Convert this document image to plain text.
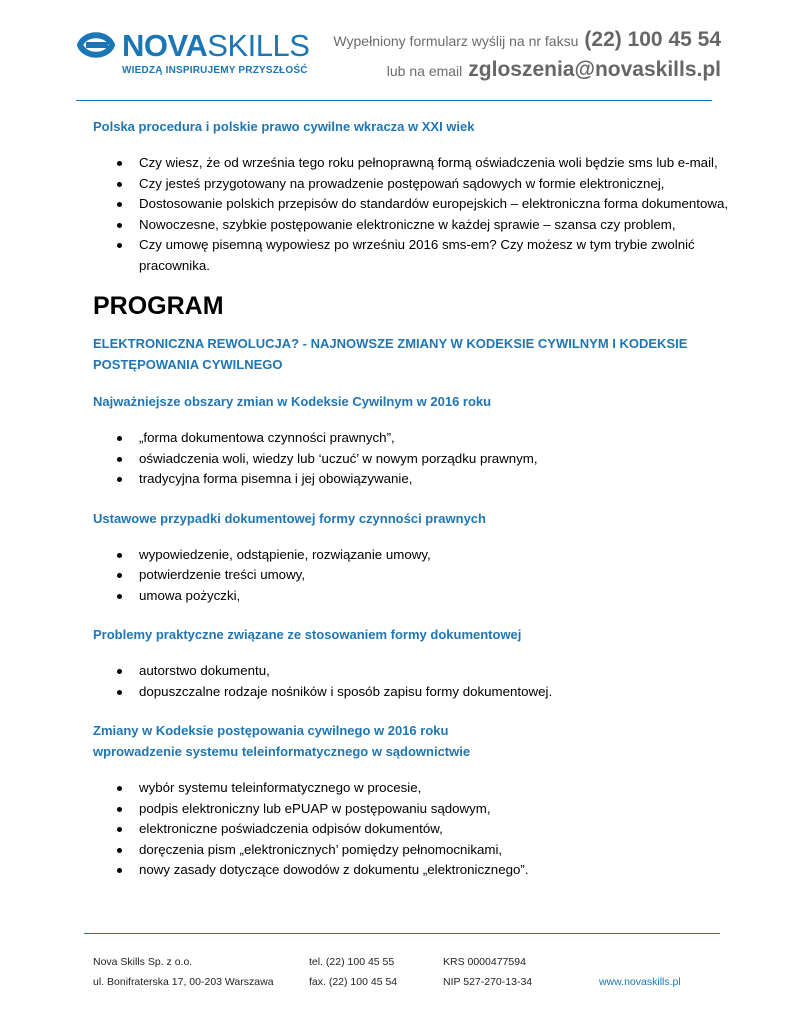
NOVASKILLS
WIEDZĄ INSPIRUJEMY PRZYSZŁOŚĆ
Wypełniony formularz wyślij na nr faksu (22) 100 45 54
lub na email zgloszenia@novaskills.pl
Polska procedura i polskie prawo cywilne wkracza w XXI wiek
Czy wiesz, że od września tego roku pełnoprawną formą oświadczenia woli będzie sms lub e-mail,
Czy jesteś przygotowany na prowadzenie postępowań sądowych w formie elektronicznej,
Dostosowanie polskich przepisów do standardów europejskich – elektroniczna forma dokumentowa,
Nowoczesne, szybkie postępowanie elektroniczne w każdej sprawie – szansa czy problem,
Czy umowę pisemną wypowiesz po wrześniu 2016 sms-em? Czy możesz w tym trybie zwolnić pracownika.
PROGRAM
ELEKTRONICZNA REWOLUCJA? - NAJNOWSZE ZMIANY W KODEKSIE CYWILNYM I KODEKSIE
POSTĘPOWANIA CYWILNEGO
Najważniejsze obszary zmian w Kodeksie Cywilnym w 2016 roku
„forma dokumentowa czynności prawnych”,
oświadczenia woli, wiedzy lub ‘uczuć’ w nowym porządku prawnym,
tradycyjna forma pisemna i jej obowiązywanie,
Ustawowe przypadki dokumentowej formy czynności prawnych
wypowiedzenie, odstąpienie, rozwiązanie umowy,
potwierdzenie treści umowy,
umowa pożyczki,
Problemy praktyczne związane ze stosowaniem formy dokumentowej
autorstwo dokumentu,
dopuszczalne rodzaje nośników i sposób zapisu formy dokumentowej.
Zmiany w Kodeksie postępowania cywilnego w 2016 roku
wprowadzenie systemu teleinformatycznego w sądownictwie
wybór systemu teleinformatycznego w procesie,
podpis elektroniczny lub ePUAP w postępowaniu sądowym,
elektroniczne poświadczenia odpisów dokumentów,
doręczenia pism „elektronicznych’ pomiędzy pełnomocnikami,
nowy zasady dotyczące dowodów z dokumentu „elektronicznego”.
Nova Skills Sp. z o.o.
ul. Bonifraterska 17, 00-203 Warszawa
tel. (22) 100 45 55
fax. (22) 100 45 54
KRS 0000477594
NIP 527-270-13-34	www.novaskills.pl
